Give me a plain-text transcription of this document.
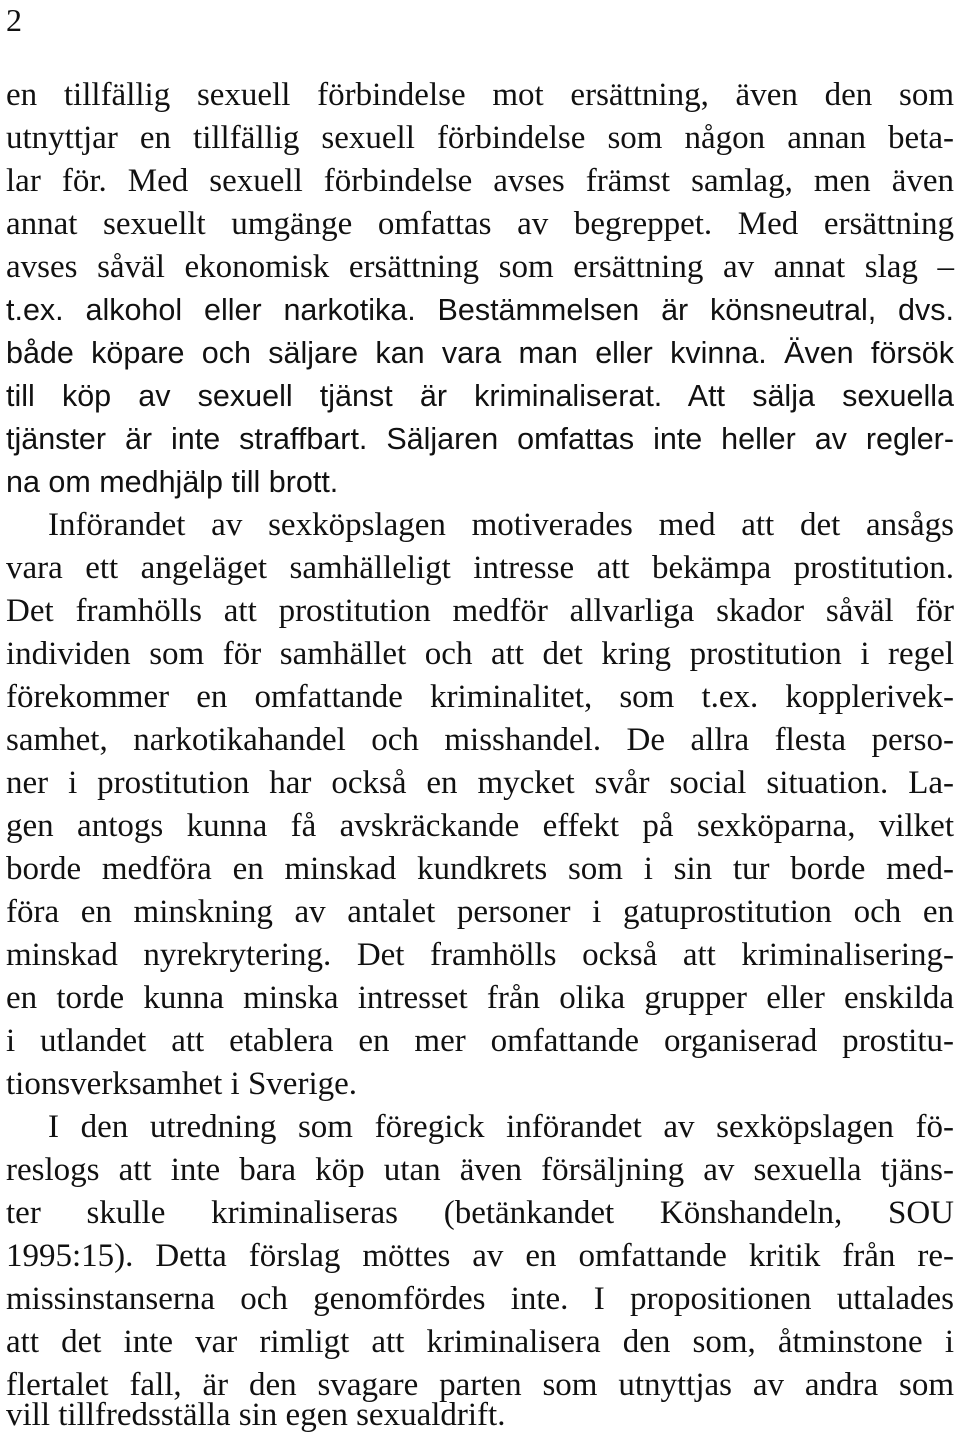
2
en tillfällig sexuell förbindelse mot ersättning, även den som
utnyttjar en tillfällig sexuell förbindelse som någon annan beta-
lar för. Med sexuell förbindelse avses främst samlag, men även
annat sexuellt umgänge omfattas av begreppet. Med ersättning
avses såväl ekonomisk ersättning som ersättning av annat slag –
t.ex. alkohol eller narkotika. Bestämmelsen är könsneutral, dvs.
både köpare och säljare kan vara man eller kvinna. Även försök
till köp av sexuell tjänst är kriminaliserat. Att sälja sexuella
tjänster är inte straffbart. Säljaren omfattas inte heller av regler-
na om medhjälp till brott.
Införandet av sexköpslagen motiverades med att det ansågs
vara ett angeläget samhälleligt intresse att bekämpa prostitution.
Det framhölls att prostitution medför allvarliga skador såväl för
individen som för samhället och att det kring prostitution i regel
förekommer en omfattande kriminalitet, som t.ex. kopplerivek-
samhet, narkotikahandel och misshandel. De allra flesta perso-
ner i prostitution har också en mycket svår social situation. La-
gen antogs kunna få avskräckande effekt på sexköparna, vilket
borde medföra en minskad kundkrets som i sin tur borde med-
föra en minskning av antalet personer i gatuprostitution och en
minskad nyrekrytering. Det framhölls också att kriminalisering-
en torde kunna minska intresset från olika grupper eller enskilda
i utlandet att etablera en mer omfattande organiserad prostitu-
tionsverksamhet i Sverige.
I den utredning som föregick införandet av sexköpslagen fö-
reslogs att inte bara köp utan även försäljning av sexuella tjäns-
ter skulle kriminaliseras (betänkandet Könshandeln, SOU
1995:15). Detta förslag möttes av en omfattande kritik från re-
missinstanserna och genomfördes inte. I propositionen uttalades
att det inte var rimligt att kriminalisera den som, åtminstone i
flertalet fall, är den svagare parten som utnyttjas av andra som
vill tillfredsställa sin egen sexualdrift.
